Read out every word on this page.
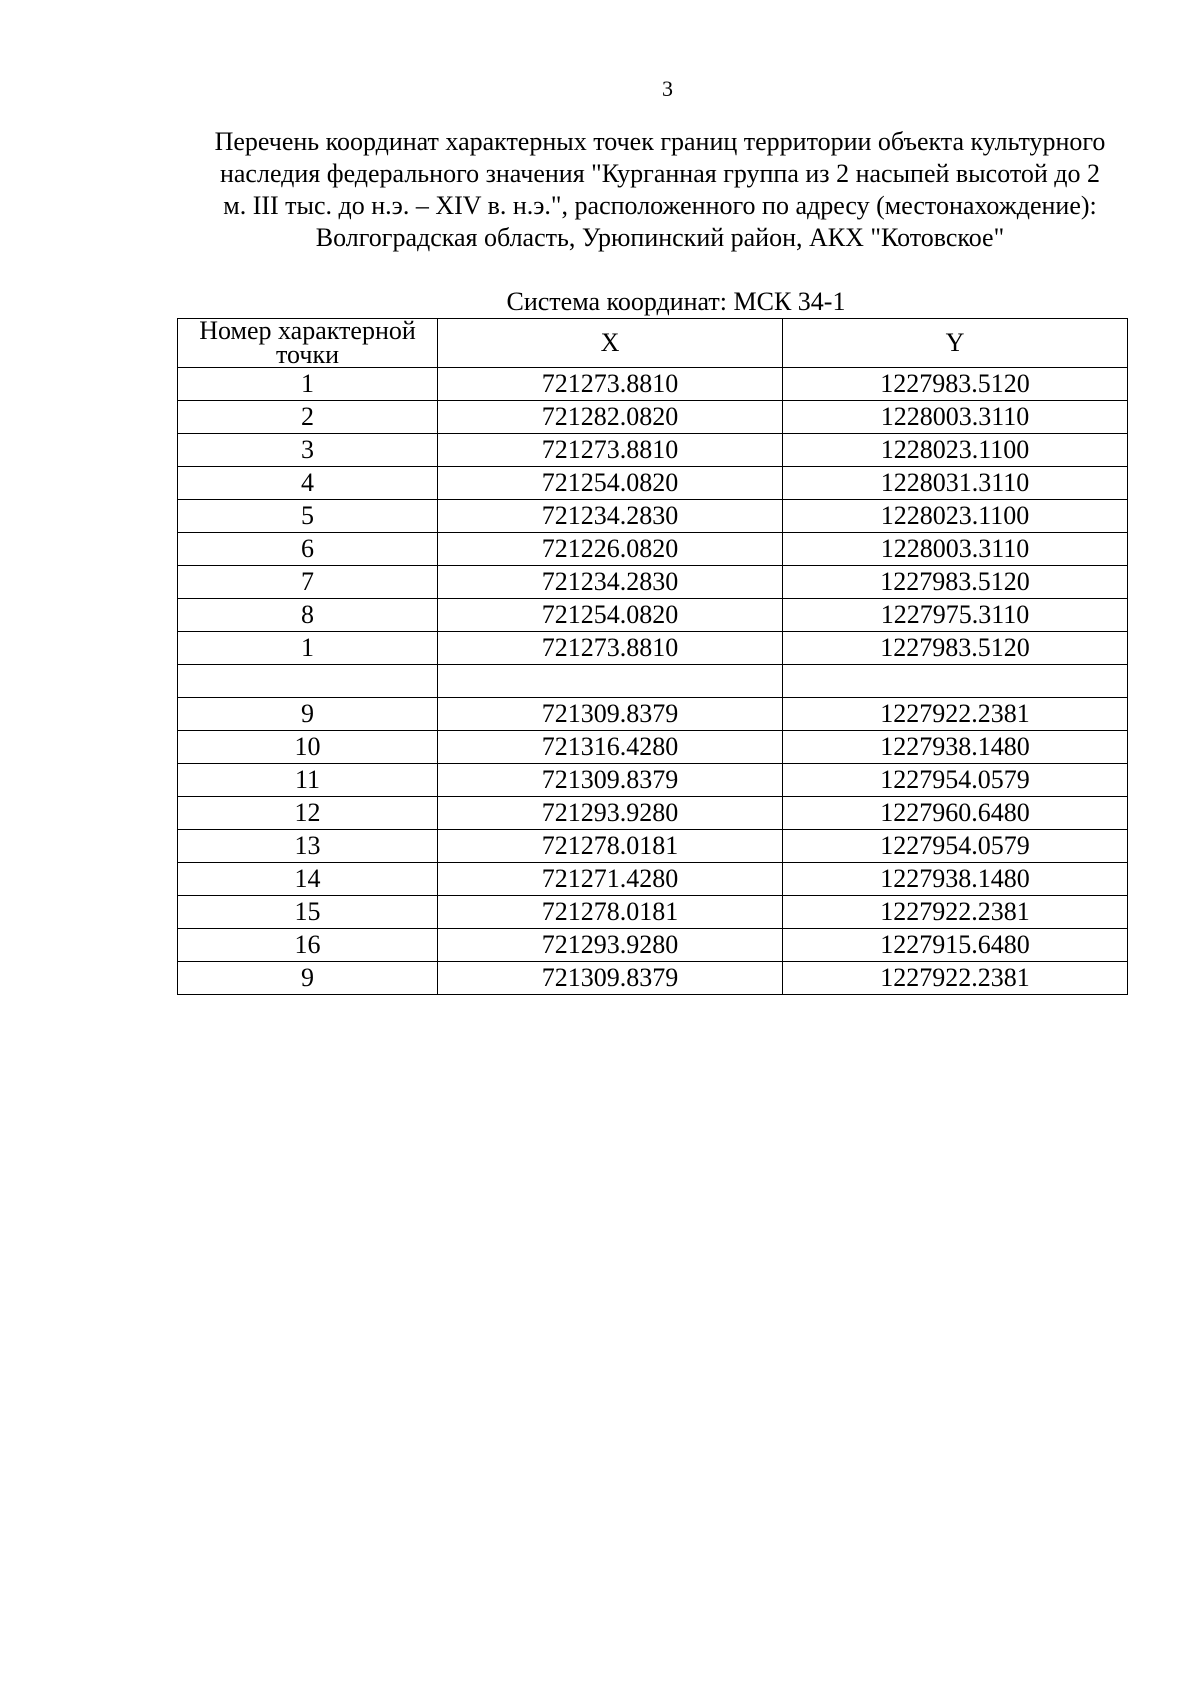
3
Перечень координат характерных точек границ территории объекта культурного
наследия федерального значения "Курганная группа из 2 насыпей высотой до 2
м. III тыс. до н.э. – XIV в. н.э.", расположенного по адресу (местонахождение):
Волгоградская область, Урюпинский район, АКХ "Котовское"
Система координат: МСК 34-1
Номер характерной
точки	X	Y
1	721273.8810	1227983.5120
2	721282.0820	1228003.3110
3	721273.8810	1228023.1100
4	721254.0820	1228031.3110
5	721234.2830	1228023.1100
6	721226.0820	1228003.3110
7	721234.2830	1227983.5120
8	721254.0820	1227975.3110
1	721273.8810	1227983.5120

9	721309.8379	1227922.2381
10	721316.4280	1227938.1480
11	721309.8379	1227954.0579
12	721293.9280	1227960.6480
13	721278.0181	1227954.0579
14	721271.4280	1227938.1480
15	721278.0181	1227922.2381
16	721293.9280	1227915.6480
9	721309.8379	1227922.2381
